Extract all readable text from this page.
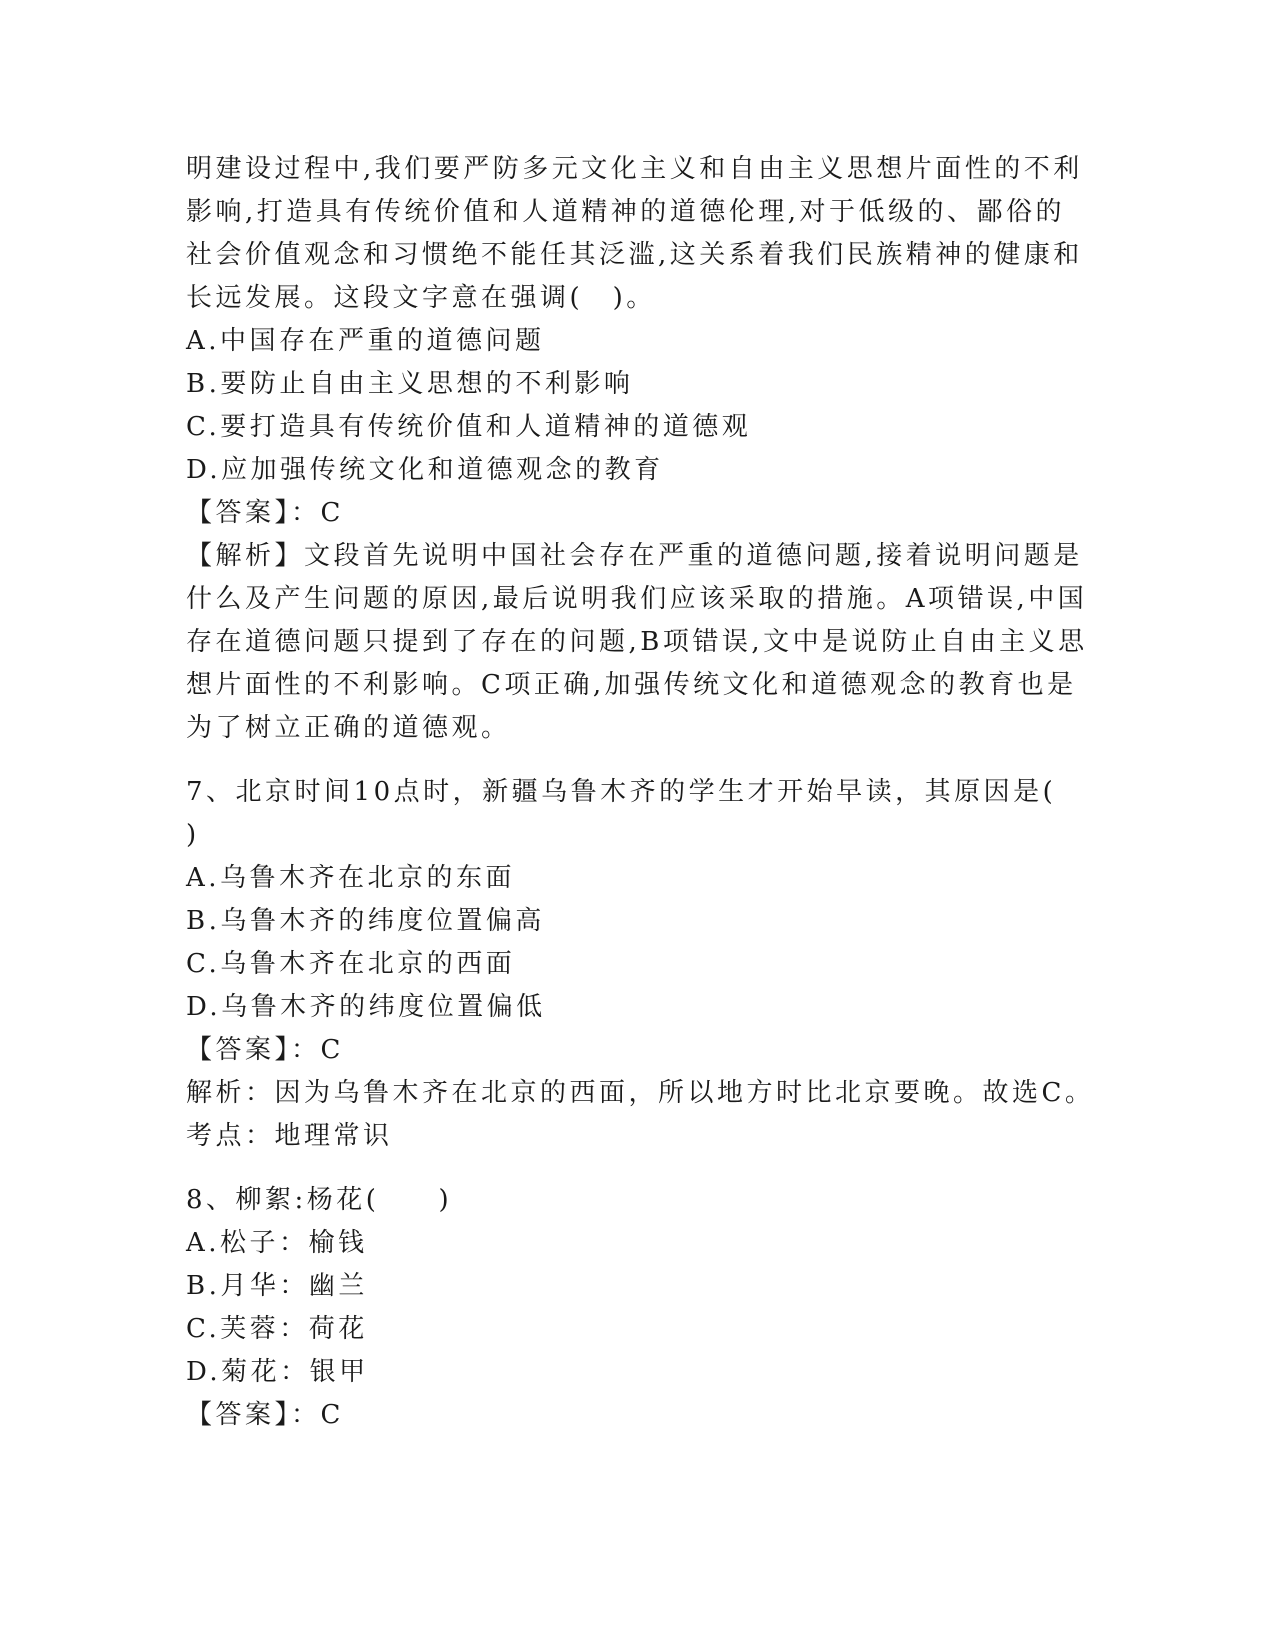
明建设过程中,我们要严防多元文化主义和自由主义思想片面性的不利
影响,打造具有传统价值和人道精神的道德伦理,对于低级的、鄙俗的
社会价值观念和习惯绝不能任其泛滥,这关系着我们民族精神的健康和
长远发展。这段文字意在强调(　)。
A.中国存在严重的道德问题
B.要防止自由主义思想的不利影响
C.要打造具有传统价值和人道精神的道德观
D.应加强传统文化和道德观念的教育
【答案】：C
【解析】文段首先说明中国社会存在严重的道德问题,接着说明问题是
什么及产生问题的原因,最后说明我们应该采取的措施。A项错误,中国
存在道德问题只提到了存在的问题,B项错误,文中是说防止自由主义思
想片面性的不利影响。C项正确,加强传统文化和道德观念的教育也是
为了树立正确的道德观。
7、北京时间10点时，新疆乌鲁木齐的学生才开始早读，其原因是(
)
A.乌鲁木齐在北京的东面
B.乌鲁木齐的纬度位置偏高
C.乌鲁木齐在北京的西面
D.乌鲁木齐的纬度位置偏低
【答案】：C
解析：因为乌鲁木齐在北京的西面，所以地方时比北京要晚。故选C。
考点：地理常识
8、柳絮:杨花(　　)
A.松子：榆钱
B.月华：幽兰
C.芙蓉：荷花
D.菊花：银甲
【答案】：C
